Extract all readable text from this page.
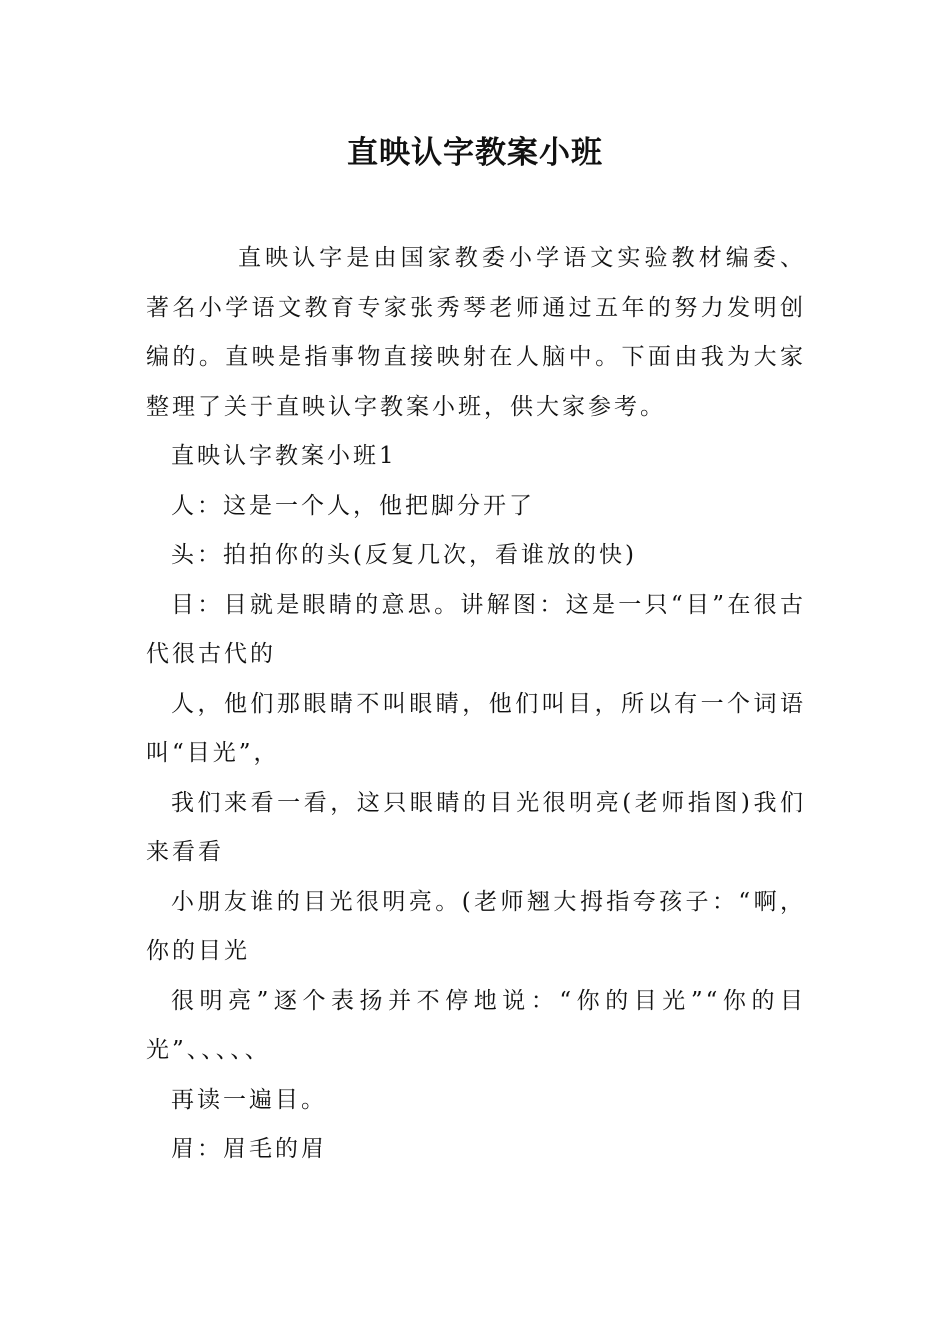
直映认字教案小班

直映认字是由国家教委小学语文实验教材编委、著名小学语文教育专家张秀琴老师通过五年的努力发明创编的。直映是指事物直接映射在人脑中。下面由我为大家整理了关于直映认字教案小班，供大家参考。

直映认字教案小班1

人：这是一个人，他把脚分开了

头：拍拍你的头(反复几次，看谁放的快)

目：目就是眼睛的意思。讲解图：这是一只“目”在很古代很古代的

人，他们那眼睛不叫眼睛，他们叫目，所以有一个词语叫“目光”，

我们来看一看，这只眼睛的目光很明亮(老师指图)我们来看看

小朋友谁的目光很明亮。(老师翘大拇指夸孩子：“啊，你的目光

很明亮”逐个表扬并不停地说：“你的目光”“你的目光”、、、、、

再读一遍目。

眉：眉毛的眉
